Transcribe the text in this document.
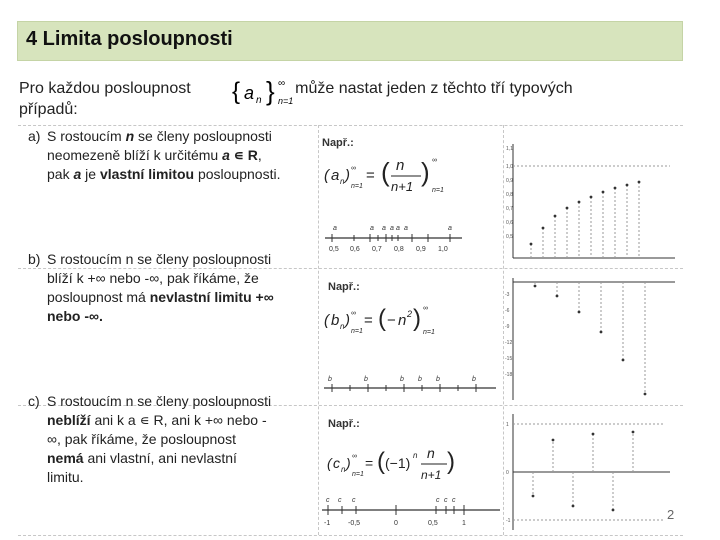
4 Limita posloupnosti
Pro každou posloupnost	může nastat jeden z těchto tří typových
případů:
{ a n } ∞
n=1
a) S rostoucím n se členy posloupnosti
neomezeně blíží k určitému a ∊ R,
pak a je vlastní limitou posloupnosti.
b) S rostoucím n se členy posloupnosti
blíží k +∞ nebo -∞, pak říkáme, že
posloupnost má nevlastní limitu +∞
nebo -∞.
c) S rostoucím n se členy posloupnosti
neblíží ani k a ∊ R, ani k +∞ nebo -
∞, pak říkáme, že posloupnost
nemá ani vlastní, ani nevlastní
limitu.
Např.:
Např.:
Např.:
( a n ) ∞
n=1
= ( n
n+1 ) ∞
n=1
a	a a a a a	a
0,5 0,6 0,7 0,8 0,9 1,0
1,1
1,0
0,9
0,8
0,7
0,6
0,5
( b n ) ∞
n=1
= ( − n 2 ) ∞
n=1
b	b	b b b	b
-3
-6
-9
-12
-15
-18
( c n ) ∞
n=1
= ( (−1) n n
n+1 )
c c c	c c c
-1	-0,5	0	0,5	1
1
0
-1	2
